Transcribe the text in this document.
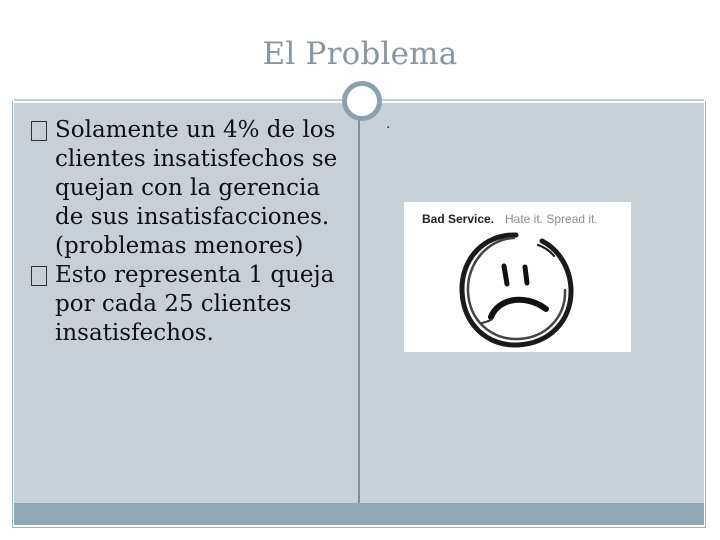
El Problema

Solamente un 4% de los clientes insatisfechos se quejan con la gerencia de sus insatisfacciones. (problemas menores)

Esto representa 1 queja por cada 25 clientes insatisfechos.

.
Bad Service. Hate it. Spread it.
